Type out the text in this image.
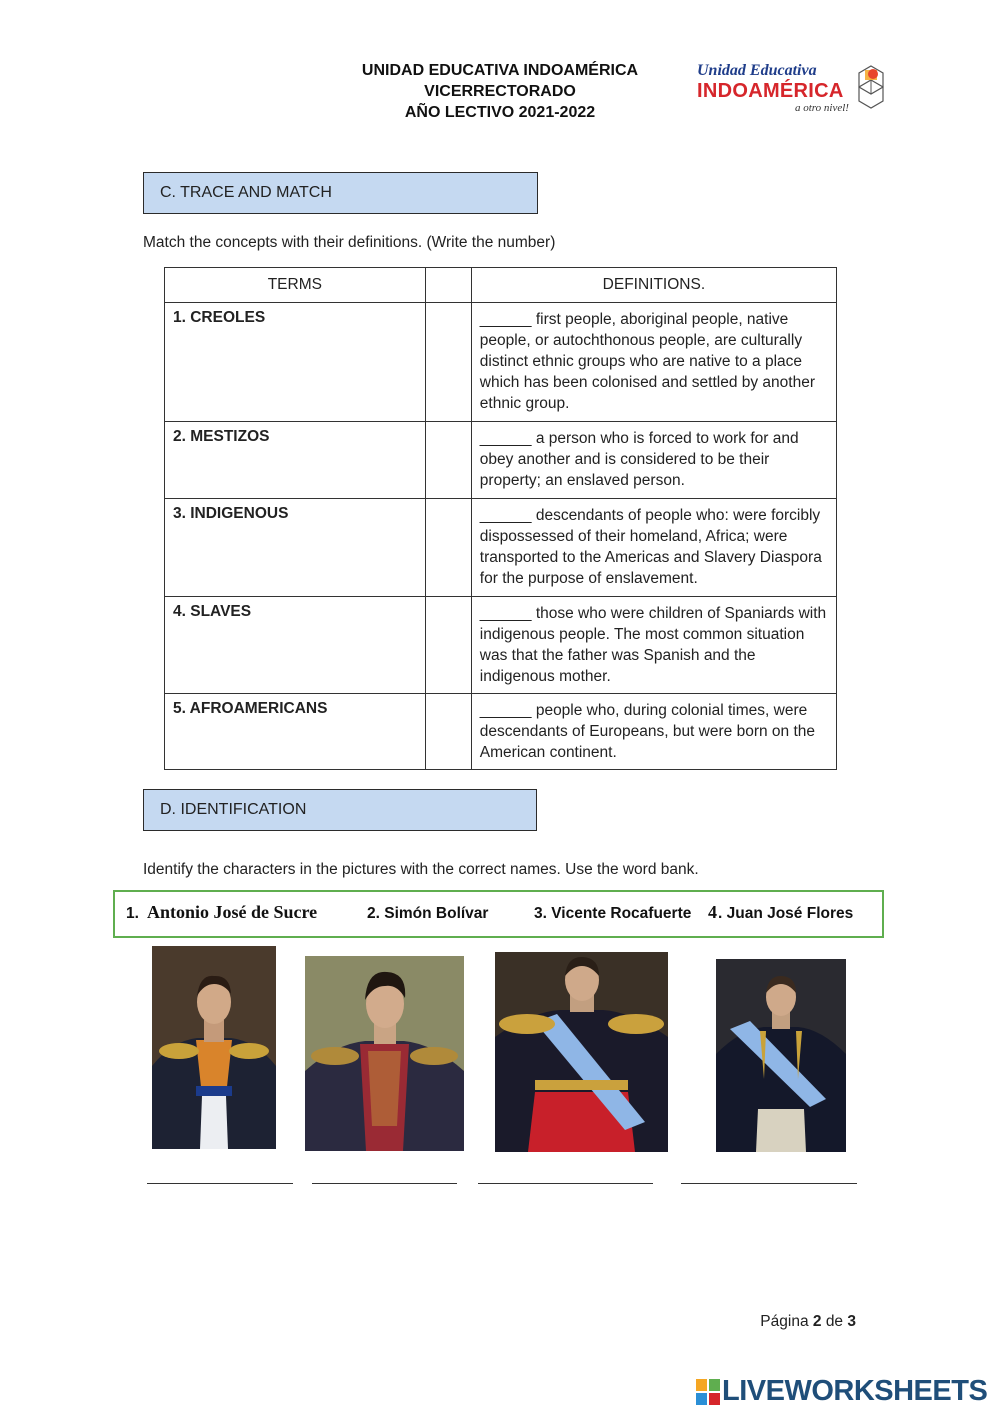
UNIDAD EDUCATIVA INDOAMÉRICA
VICERRECTORADO
AÑO LECTIVO 2021-2022
Unidad Educativa
INDOAMÉRICA
a otro nivel!
C. TRACE AND MATCH
Match the concepts with their definitions. (Write the number)
TERMS		DEFINITIONS.
1. CREOLES		______ first people, aboriginal people, native people, or autochthonous people, are culturally distinct ethnic groups who are native to a place which has been colonised and settled by another ethnic group.
2. MESTIZOS		______ a person who is forced to work for and obey another and is considered to be their property; an enslaved person.
3. INDIGENOUS		______ descendants of people who: were forcibly dispossessed of their homeland, Africa; were transported to the Americas and Slavery Diaspora for the purpose of enslavement.
4. SLAVES		______ those who were children of Spaniards with indigenous people. The most common situation was that the father was Spanish and the indigenous mother.
5. AFROAMERICANS		______ people who, during colonial times, were descendants of Europeans, but were born on the American continent.
D. IDENTIFICATION
Identify the characters in the pictures with the correct names. Use the word bank.
1. Antonio José de Sucre	2. Simón Bolívar	3. Vicente Rocafuerte 4 . Juan José Flores
Página 2 de 3
LIVEWORKSHEETS
